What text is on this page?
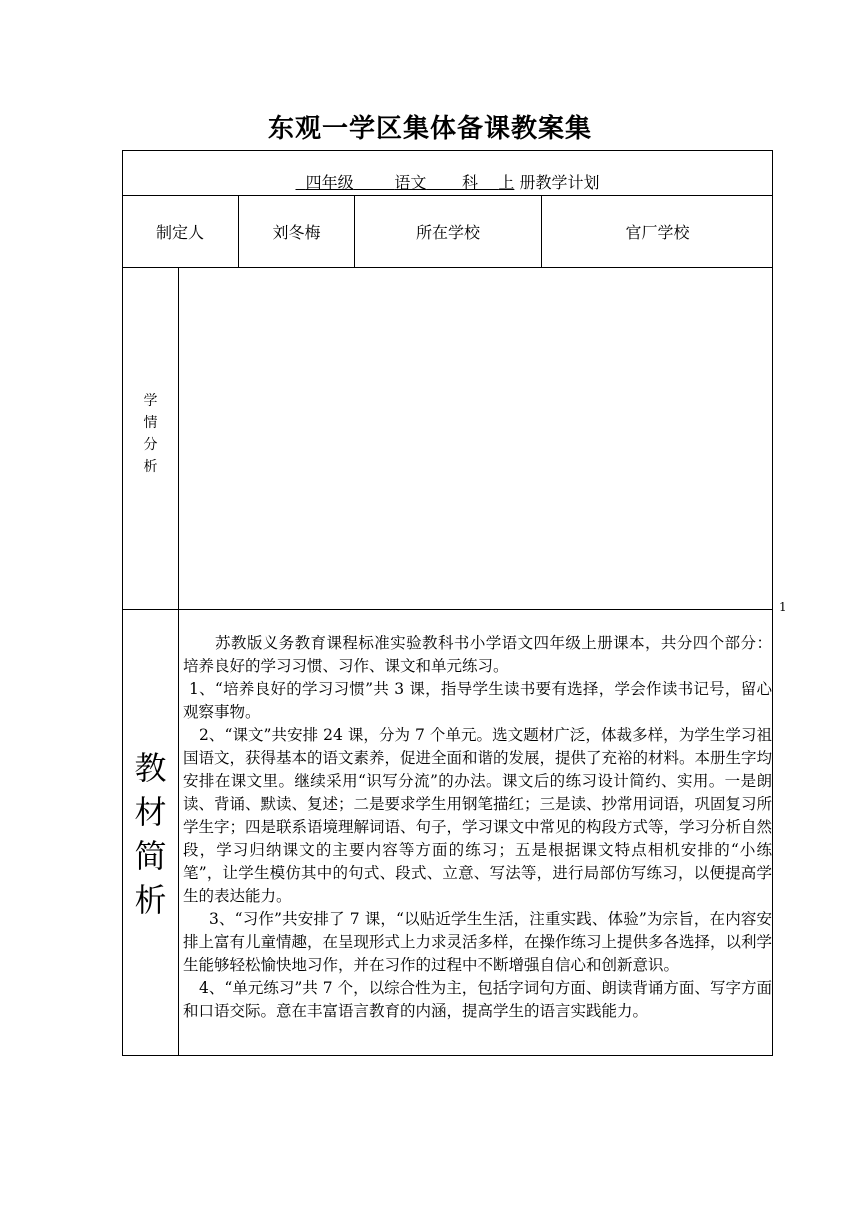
东观一学区集体备课教案集
四年级	语文 科 上 册教学计划
制定人	刘冬梅	所在学校	官厂学校
学
情
分
析
1
教
材
简
析

苏教版义务教育课程标准实验教科书小学语文四年级上册课本，共分四个部分：培养良好的学习习惯、习作、课文和单元练习。

1、“培养良好的学习习惯”共 3 课，指导学生读书要有选择，学会作读书记号，留心观察事物。

2、“课文”共安排 24 课，分为 7 个单元。选文题材广泛，体裁多样，为学生学习祖国语文，获得基本的语文素养，促进全面和谐的发展，提供了充裕的材料。本册生字均安排在课文里。继续采用“识写分流”的办法。课文后的练习设计简约、实用。一是朗读、背诵、默读、复述；二是要求学生用钢笔描红；三是读、抄常用词语，巩固复习所学生字；四是联系语境理解词语、句子，学习课文中常见的构段方式等，学习分析自然段，学习归纳课文的主要内容等方面的练习；五是根据课文特点相机安排的“小练笔”，让学生模仿其中的句式、段式、立意、写法等，进行局部仿写练习，以便提高学生的表达能力。

3、“习作”共安排了 7 课，“以贴近学生生活，注重实践、体验”为宗旨，在内容安排上富有儿童情趣，在呈现形式上力求灵活多样，在操作练习上提供多各选择，以利学生能够轻松愉快地习作，并在习作的过程中不断增强自信心和创新意识。

4、“单元练习”共 7 个，以综合性为主，包括字词句方面、朗读背诵方面、写字方面和口语交际。意在丰富语言教育的内涵，提高学生的语言实践能力。
